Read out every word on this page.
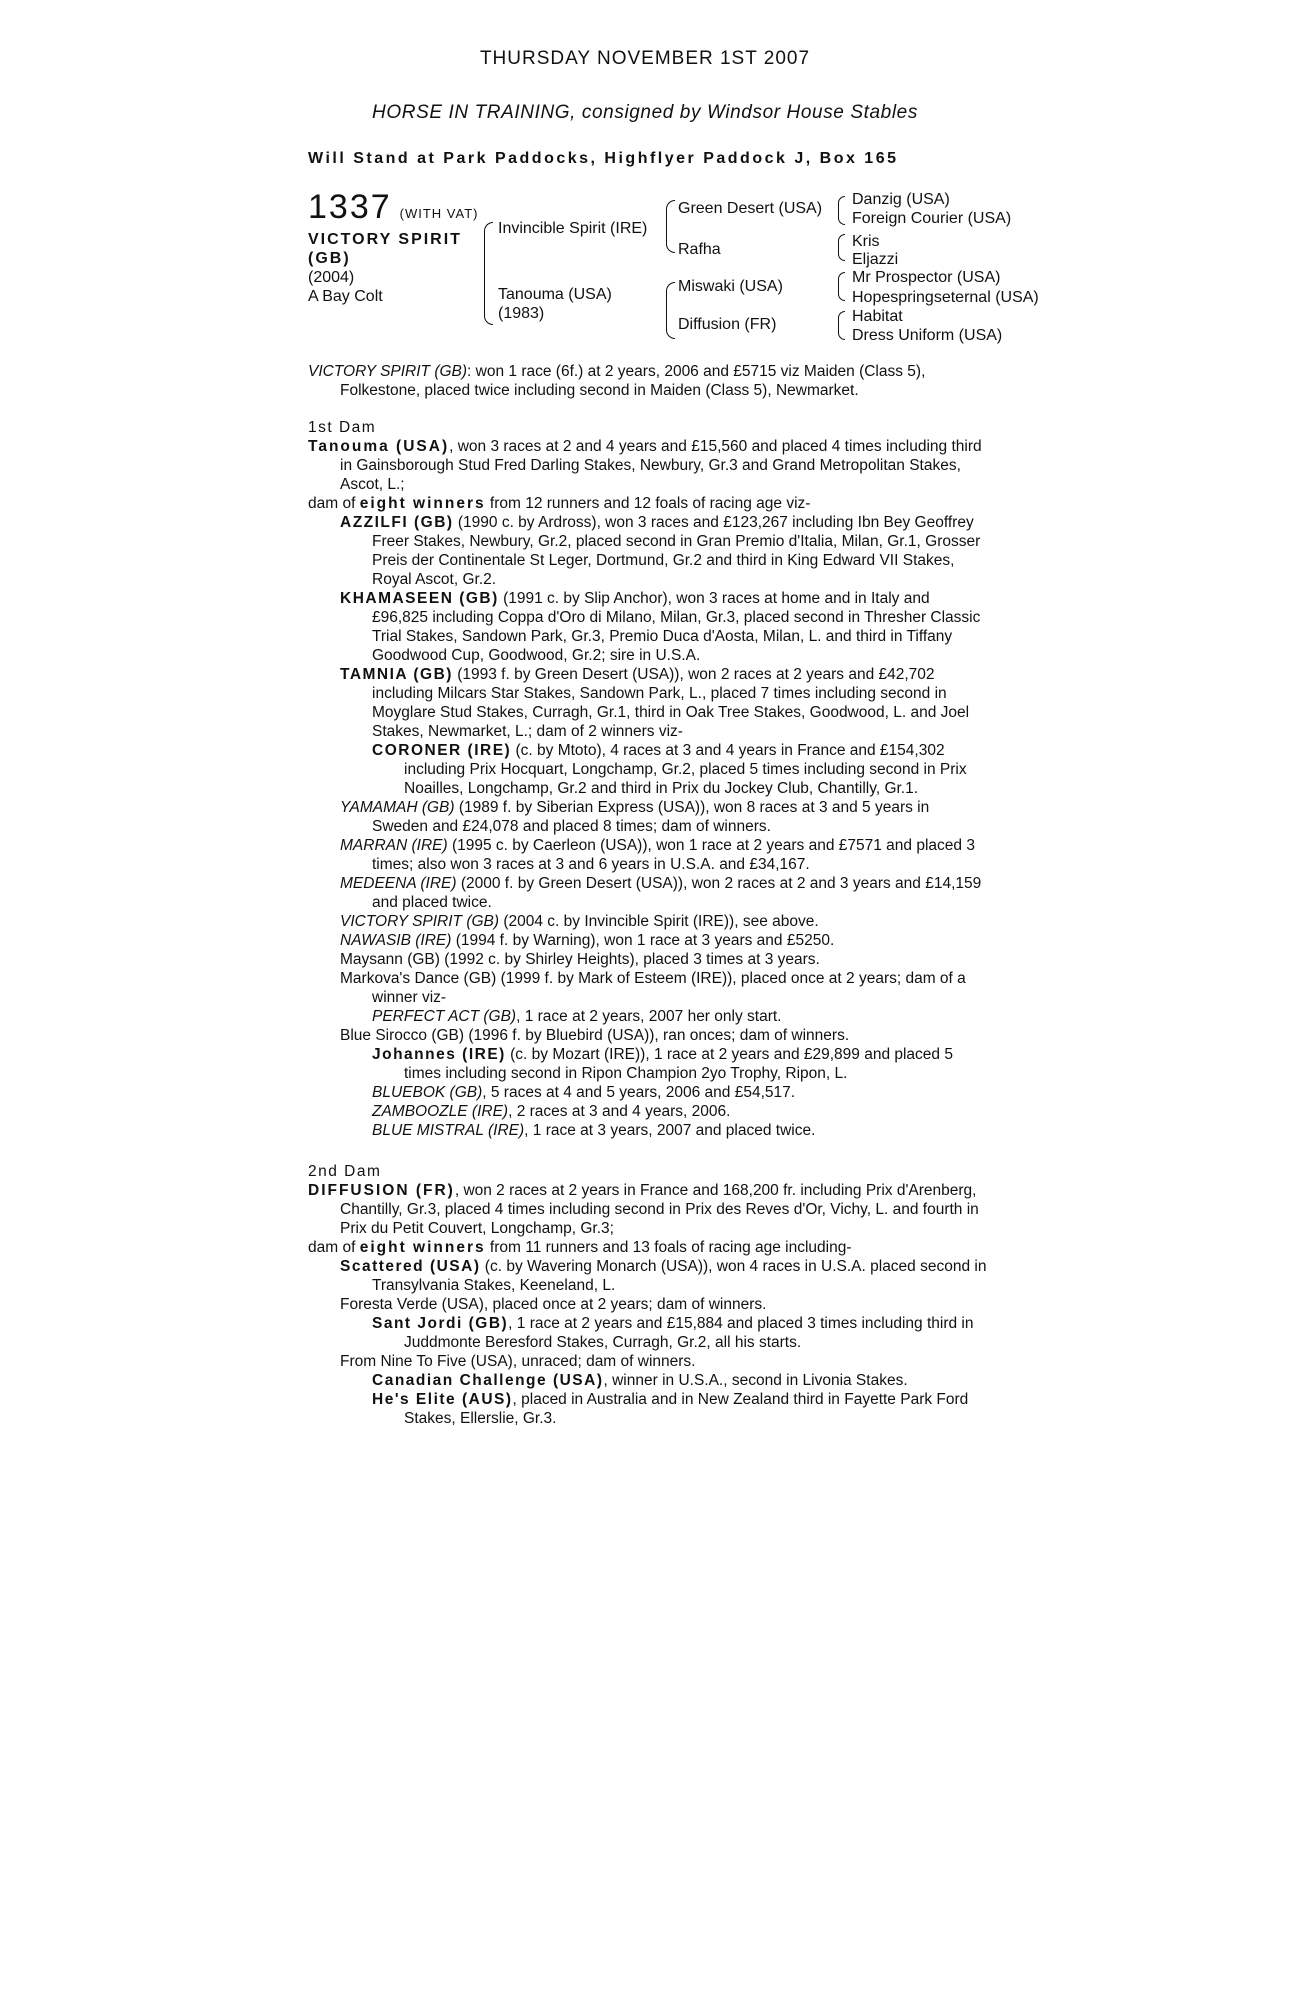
THURSDAY NOVEMBER 1ST 2007
HORSE IN TRAINING, consigned by Windsor House Stables
Will Stand at Park Paddocks, Highflyer Paddock J, Box 165
1337 (WITH VAT)
VICTORY SPIRIT
(GB)
(2004)
A Bay Colt
Invincible Spirit (IRE)
Tanouma (USA)
(1983)
Green Desert (USA)
Rafha
Miswaki (USA)
Diffusion (FR)
Danzig (USA)
Foreign Courier (USA)
Kris
Eljazzi
Mr Prospector (USA)
Hopespringseternal (USA)
Habitat
Dress Uniform (USA)

VICTORY SPIRIT (GB): won 1 race (6f.) at 2 years, 2006 and £5715 viz Maiden (Class 5), Folkestone, placed twice including second in Maiden (Class 5), Newmarket.

1st Dam

Tanouma (USA), won 3 races at 2 and 4 years and £15,560 and placed 4 times including third in Gainsborough Stud Fred Darling Stakes, Newbury, Gr.3 and Grand Metropolitan Stakes, Ascot, L.;

dam of eight winners from 12 runners and 12 foals of racing age viz-
AZZILFI (GB) (1990 c. by Ardross), won 3 races and £123,267 including Ibn Bey Geoffrey Freer Stakes, Newbury, Gr.2, placed second in Gran Premio d'Italia, Milan, Gr.1, Grosser Preis der Continentale St Leger, Dortmund, Gr.2 and third in King Edward VII Stakes, Royal Ascot, Gr.2.
KHAMASEEN (GB) (1991 c. by Slip Anchor), won 3 races at home and in Italy and £96,825 including Coppa d'Oro di Milano, Milan, Gr.3, placed second in Thresher Classic Trial Stakes, Sandown Park, Gr.3, Premio Duca d'Aosta, Milan, L. and third in Tiffany Goodwood Cup, Goodwood, Gr.2; sire in U.S.A.
TAMNIA (GB) (1993 f. by Green Desert (USA)), won 2 races at 2 years and £42,702 including Milcars Star Stakes, Sandown Park, L., placed 7 times including second in Moyglare Stud Stakes, Curragh, Gr.1, third in Oak Tree Stakes, Goodwood, L. and Joel Stakes, Newmarket, L.; dam of 2 winners viz-
CORONER (IRE) (c. by Mtoto), 4 races at 3 and 4 years in France and £154,302 including Prix Hocquart, Longchamp, Gr.2, placed 5 times including second in Prix Noailles, Longchamp, Gr.2 and third in Prix du Jockey Club, Chantilly, Gr.1.
YAMAMAH (GB) (1989 f. by Siberian Express (USA)), won 8 races at 3 and 5 years in Sweden and £24,078 and placed 8 times; dam of winners.
MARRAN (IRE) (1995 c. by Caerleon (USA)), won 1 race at 2 years and £7571 and placed 3 times; also won 3 races at 3 and 6 years in U.S.A. and £34,167.
MEDEENA (IRE) (2000 f. by Green Desert (USA)), won 2 races at 2 and 3 years and £14,159 and placed twice.
VICTORY SPIRIT (GB) (2004 c. by Invincible Spirit (IRE)), see above.
NAWASIB (IRE) (1994 f. by Warning), won 1 race at 3 years and £5250.
Maysann (GB) (1992 c. by Shirley Heights), placed 3 times at 3 years.
Markova's Dance (GB) (1999 f. by Mark of Esteem (IRE)), placed once at 2 years; dam of a winner viz-
PERFECT ACT (GB), 1 race at 2 years, 2007 her only start.
Blue Sirocco (GB) (1996 f. by Bluebird (USA)), ran onces; dam of winners.
Johannes (IRE) (c. by Mozart (IRE)), 1 race at 2 years and £29,899 and placed 5 times including second in Ripon Champion 2yo Trophy, Ripon, L.
BLUEBOK (GB), 5 races at 4 and 5 years, 2006 and £54,517.
ZAMBOOZLE (IRE), 2 races at 3 and 4 years, 2006.
BLUE MISTRAL (IRE), 1 race at 3 years, 2007 and placed twice.
2nd Dam

DIFFUSION (FR), won 2 races at 2 years in France and 168,200 fr. including Prix d'Arenberg, Chantilly, Gr.3, placed 4 times including second in Prix des Reves d'Or, Vichy, L. and fourth in Prix du Petit Couvert, Longchamp, Gr.3;

dam of eight winners from 11 runners and 13 foals of racing age including-
Scattered (USA) (c. by Wavering Monarch (USA)), won 4 races in U.S.A. placed second in Transylvania Stakes, Keeneland, L.
Foresta Verde (USA), placed once at 2 years; dam of winners.
Sant Jordi (GB), 1 race at 2 years and £15,884 and placed 3 times including third in Juddmonte Beresford Stakes, Curragh, Gr.2, all his starts.
From Nine To Five (USA), unraced; dam of winners.
Canadian Challenge (USA), winner in U.S.A., second in Livonia Stakes.
He's Elite (AUS), placed in Australia and in New Zealand third in Fayette Park Ford Stakes, Ellerslie, Gr.3.
